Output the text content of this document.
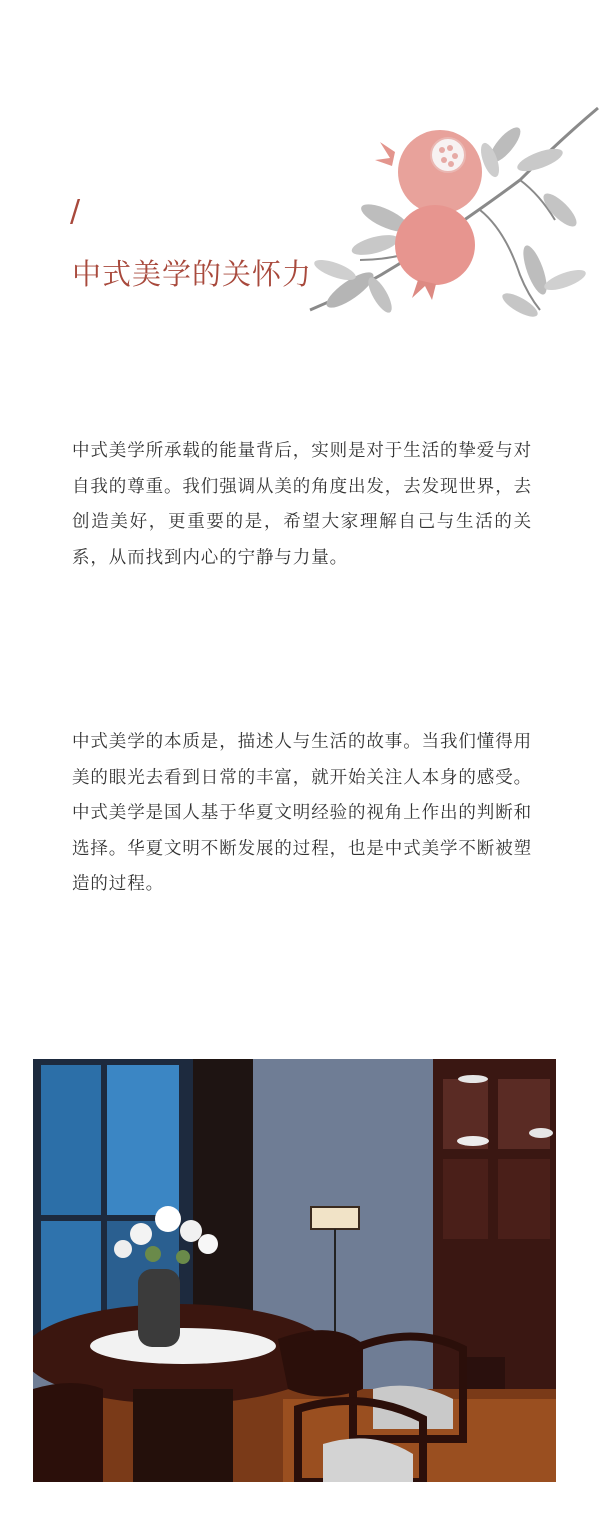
/
中式美学的关怀力
中式美学所承载的能量背后，实则是对于生活的挚爱与对自我的尊重。我们强调从美的角度出发，去发现世界，去创造美好，更重要的是，希望大家理解自己与生活的关系，从而找到内心的宁静与力量。
中式美学的本质是，描述人与生活的故事。当我们懂得用美的眼光去看到日常的丰富，就开始关注人本身的感受。中式美学是国人基于华夏文明经验的视角上作出的判断和选择。华夏文明不断发展的过程，也是中式美学不断被塑造的过程。
